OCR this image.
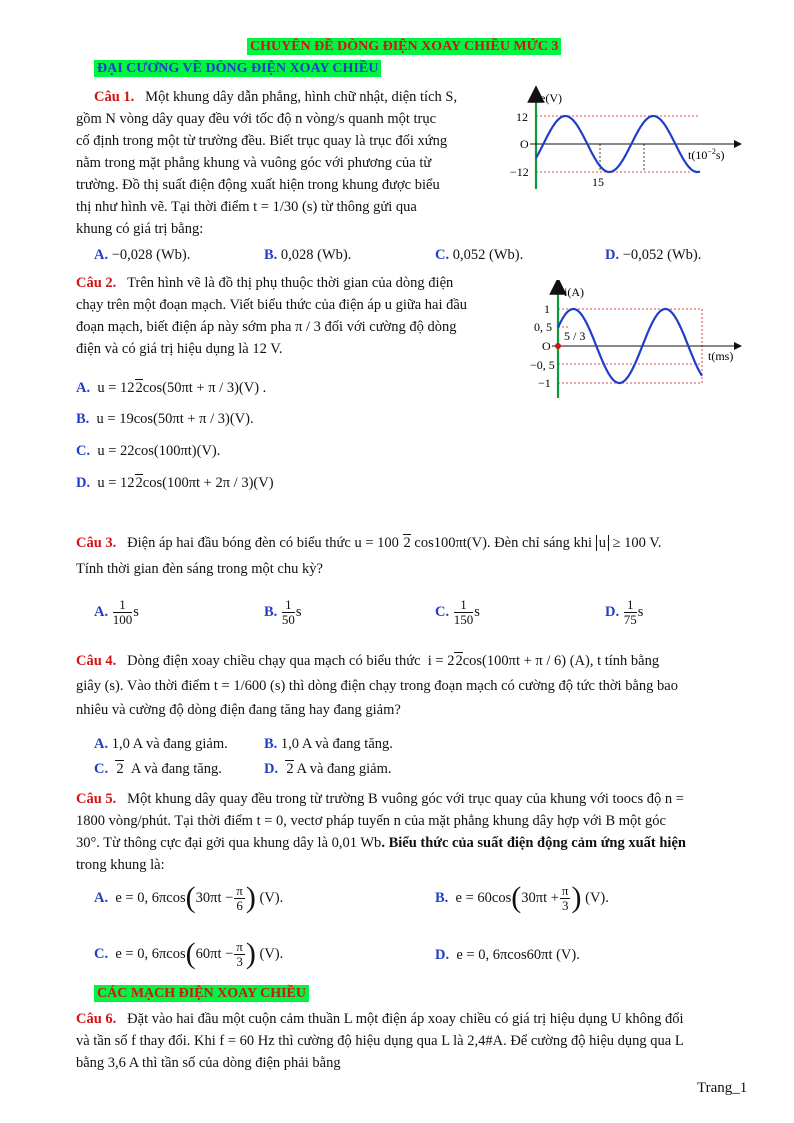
CHUYÊN ĐỀ DÒNG ĐIỆN XOAY CHIỀU MỨC 3
ĐẠI CƯƠNG VỀ DÒNG ĐIỆN XOAY CHIỀU
Câu 1. Một khung dây dẫn phẳng, hình chữ nhật, diện tích S,
gồm N vòng dây quay đều với tốc độ n vòng/s quanh một trục
cố định trong một từ trường đều. Biết trục quay là trục đối xứng
nằm trong mặt phẳng khung và vuông góc với phương của từ
trường. Đồ thị suất điện động xuất hiện trong khung được biểu
thị như hình vẽ. Tại thời điểm t = 1/30 (s) từ thông gửi qua
khung có giá trị bằng:
e(V)
12
O
−12
15
$t(10^{-2}s)$
A. −0,028 (Wb).	B. 0,028 (Wb).	C. 0,052 (Wb).	D. −0,052 (Wb).
Câu 2. Trên hình vẽ là đồ thị phụ thuộc thời gian của dòng điện
chạy trên một đoạn mạch. Viết biểu thức của điện áp u giữa hai đầu
đoạn mạch, biết điện áp này sớm pha π / 3 đối với cường độ dòng
điện và có giá trị hiệu dụng là 12 V.
i(A)
1
0, 5
5 / 3
O
−0, 5
−1
t(ms)
A. u = 122cos(50πt + π / 3)(V) .
B. u = 19cos(50πt + π / 3)(V).
C. u = 22cos(100πt)(V).
D. u = 122cos(100πt + 2π / 3)(V)
Câu 3. Điện áp hai đầu bóng đèn có biểu thức u = 100 2 cos100πt(V). Đèn chỉ sáng khi u ≥ 100 V.
Tính thời gian đèn sáng trong một chu kỳ?
A. $\frac{1}{100}$ s	B. $\frac{1}{50}$ s	C. $\frac{1}{150}$ s	D. $\frac{1}{75}$ s
Câu 4. Dòng điện xoay chiều chạy qua mạch có biểu thức i = 22cos(100πt + π / 6) (A), t tính bằng
giây (s). Vào thời điểm t = 1/600 (s) thì dòng điện chạy trong đoạn mạch có cường độ tức thời bằng bao
nhiêu và cường độ dòng điện đang tăng hay đang giảm?
A. 1,0 A và đang giảm.	B. 1,0 A và đang tăng.
C. 2 A và đang tăng.	D. 2 A và đang giảm.
Câu 5. Một khung dây quay đều trong từ trường B vuông góc với trục quay của khung với toocs độ n =
1800 vòng/phút. Tại thời điểm t = 0, vectơ pháp tuyến n của mặt phẳng khung dây hợp với B một góc
30°. Từ thông cực đại gởi qua khung dây là 0,01 Wb. Biểu thức của suất điện động cảm ứng xuất hiện
trong khung là:
A. e = 0, $6\pi\cos(30\pi t - \frac{\pi}{6}$ ) (V).	B. $e = 60\cos(30\pi t + \frac{\pi}{3}$ ) (V).
C. e = 0, $6\pi\cos(60\pi t - \frac{\pi}{3}$ ) (V).	D. e = 0, 6πcos60πt (V).
CÁC MẠCH ĐIỆN XOAY CHIỀU
Câu 6. Đặt vào hai đầu một cuộn cảm thuần L một điện áp xoay chiều có giá trị hiệu dụng U không đổi
và tần số f thay đổi. Khi f = 60 Hz thì cường độ hiệu dụng qua L là 2,4#A. Để cường độ hiệu dụng qua L
bằng 3,6 A thì tần số của dòng điện phải bằng
Trang_1
